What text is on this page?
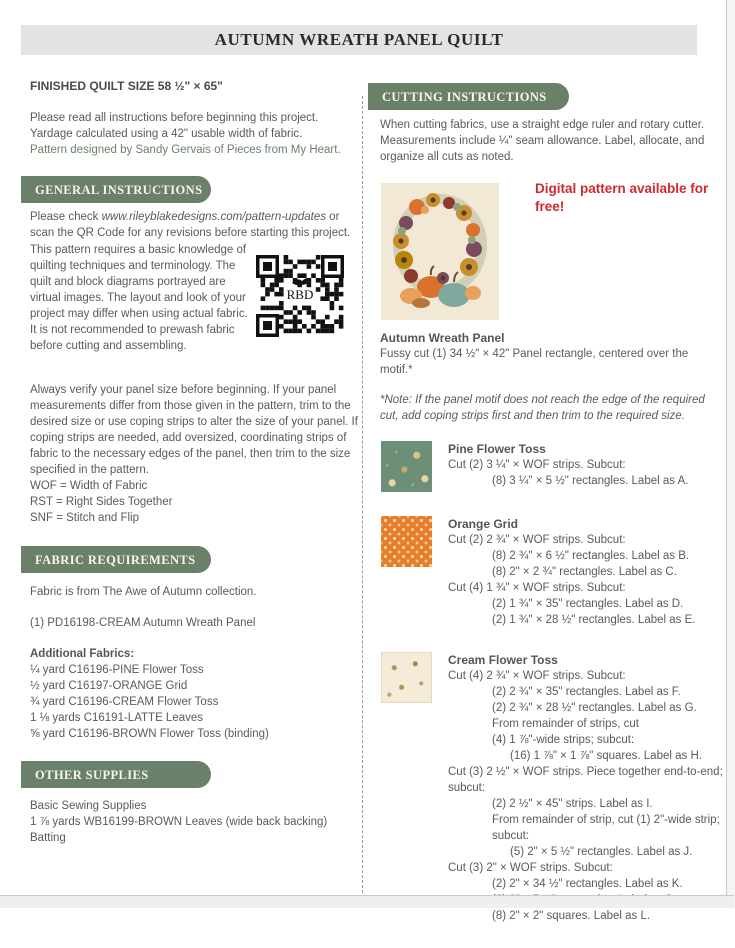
AUTUMN WREATH PANEL QUILT
FINISHED QUILT SIZE 58 ½" × 65"
Please read all instructions before beginning this project.
Yardage calculated using a 42" usable width of fabric.
Pattern designed by Sandy Gervais of Pieces from My Heart.
GENERAL INSTRUCTIONS
Please check www.rileyblakedesigns.com/pattern-updates or scan the QR Code for any revisions before starting this project.
This pattern requires a basic knowledge of quilting techniques and terminology. The quilt and block diagrams portrayed are virtual images. The layout and look of your project may differ when using actual fabric. It is not recommended to prewash fabric before cutting and assembling.
RBD
Always verify your panel size before beginning. If your panel measurements differ from those given in the pattern, trim to the desired size or use coping strips to alter the size of your panel. If coping strips are needed, add oversized, coordinating strips of fabric to the necessary edges of the panel, then trim to the size specified in the pattern.
WOF = Width of Fabric
RST = Right Sides Together
SNF = Stitch and Flip
FABRIC REQUIREMENTS
Fabric is from The Awe of Autumn collection.
(1) PD16198-CREAM Autumn Wreath Panel
Additional Fabrics:
¼ yard C16196-PINE Flower Toss
½ yard C16197-ORANGE Grid
¾ yard C16196-CREAM Flower Toss
1 ⅛ yards C16191-LATTE Leaves
⅝ yard C16196-BROWN Flower Toss (binding)
OTHER SUPPLIES
Basic Sewing Supplies
1 ⅞ yards WB16199-BROWN Leaves (wide back backing)
Batting
CUTTING INSTRUCTIONS
When cutting fabrics, use a straight edge ruler and rotary cutter. Measurements include ¼" seam allowance. Label, allocate, and organize all cuts as noted.
Digital pattern available for free!
Autumn Wreath Panel
Fussy cut (1) 34 ½" × 42" Panel rectangle, centered over the motif.*
*Note: If the panel motif does not reach the edge of the required cut, add coping strips first and then trim to the required size.
Pine Flower Toss
Cut (2) 3 ¼" × WOF strips. Subcut:
(8) 3 ¼" × 5 ½" rectangles. Label as A.
Orange Grid
Cut (2) 2 ¾" × WOF strips. Subcut:
(8) 2 ¾" × 6 ½" rectangles. Label as B.
(8) 2" × 2 ¾" rectangles. Label as C.
Cut (4) 1 ¾" × WOF strips. Subcut:
(2) 1 ¾" × 35" rectangles. Label as D.
(2) 1 ¾" × 28 ½" rectangles. Label as E.
Cream Flower Toss
Cut (4) 2 ¾" × WOF strips. Subcut:
(2) 2 ¾" × 35" rectangles. Label as F.
(2) 2 ¾" × 28 ½" rectangles. Label as G.
From remainder of strips, cut
(4) 1 ⅞"-wide strips; subcut:
(16) 1 ⅞" × 1 ⅞" squares. Label as H.
Cut (3) 2 ½" × WOF strips. Piece together end-to-end; subcut:
(2) 2 ½" × 45" strips. Label as I.
From remainder of strip, cut (1) 2"-wide strip; subcut:
(5) 2" × 5 ½" rectangles. Label as J.
Cut (3) 2" × WOF strips. Subcut:
(2) 2" × 34 ½" rectangles. Label as K.
(8) 2" × 2" squares. Label as L.
